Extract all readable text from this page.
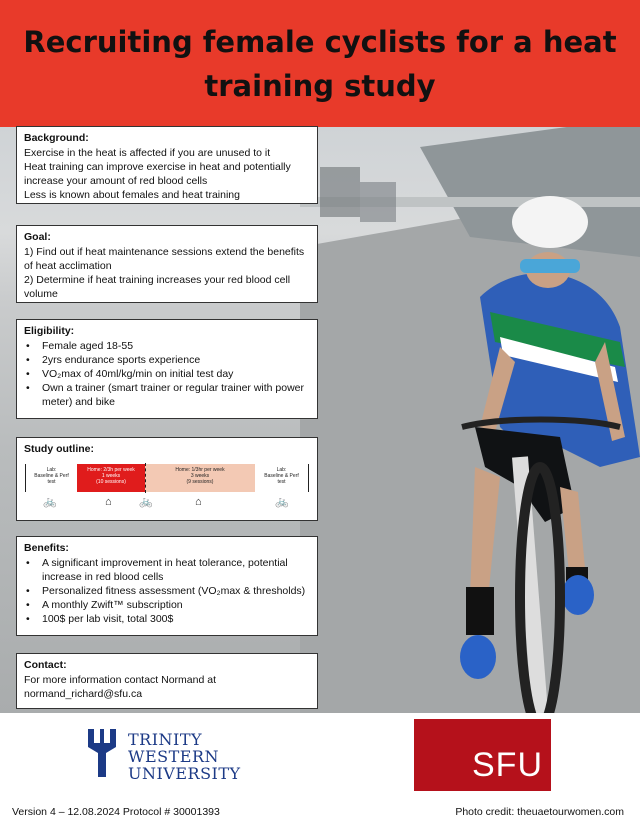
Recruiting female cyclists for a heat training study
Background:
Exercise in the heat is affected if you are unused to it
Heat training can improve exercise in heat and potentially increase your amount of red blood cells
Less is known about females and heat training
Goal:
1) Find out if heat maintenance sessions extend the benefits of heat acclimation
2) Determine if heat training increases your red blood cell volume
Eligibility:
• Female aged 18-55
• 2yrs endurance sports experience
• VO₂max of 40ml/kg/min on initial test day
• Own a trainer (smart trainer or regular trainer with power meter) and bike
Study outline:
Lab:
Baseline & Perf
test
Home: 2/3h per week
1 weeks
(10 sessions)
Home: 1/3hr per week
3 weeks
(9 sessions)
Lab:
Baseline & Perf
test
🚲	⌂ 🚲	⌂	🚲
Benefits:
• A significant improvement in heat tolerance, potential increase in red blood cells
• Personalized fitness assessment (VO₂max & thresholds)
• A monthly Zwift™ subscription
• 100$ per lab visit, total 300$
Contact:
For more information contact Normand at
normand_richard@sfu.ca
TRINITY
WESTERN
UNIVERSITY	SFU
Version 4 – 12.08.2024 Protocol # 30001393	Photo credit: theuaetourwomen.com
